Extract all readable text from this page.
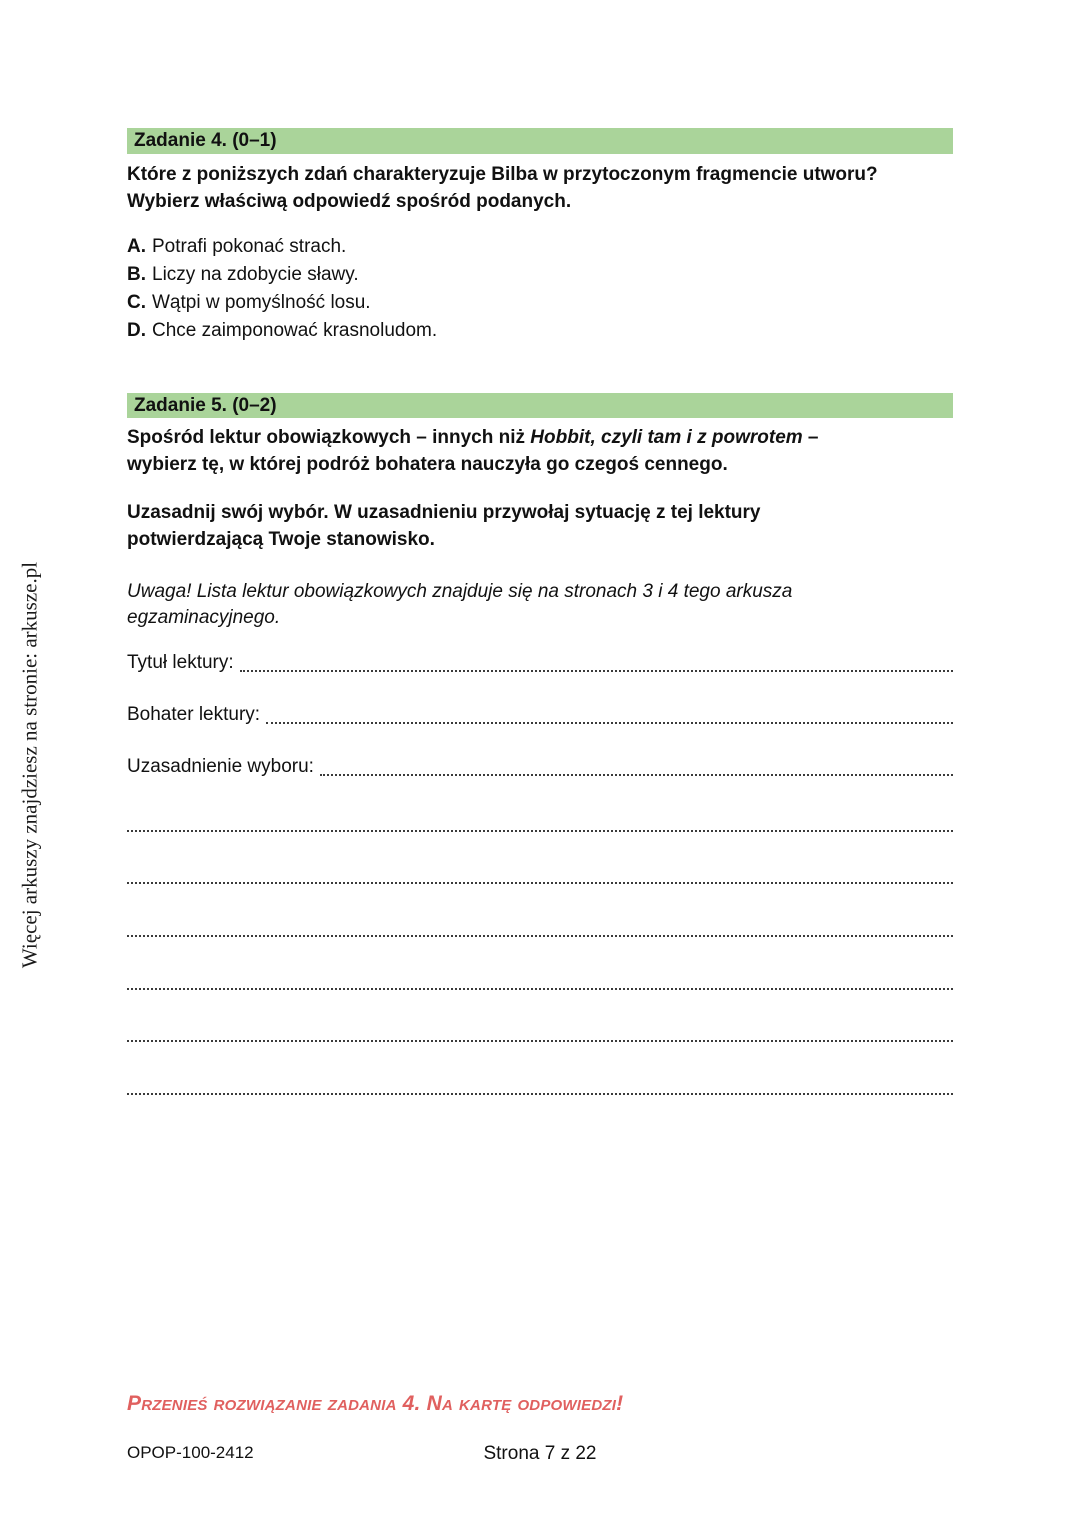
Więcej arkuszy znajdziesz na stronie: arkusze.pl
Zadanie 4. (0–1)
Które z poniższych zdań charakteryzuje Bilba w przytoczonym fragmencie utworu?
Wybierz właściwą odpowiedź spośród podanych.
A. Potrafi pokonać strach.
B. Liczy na zdobycie sławy.
C. Wątpi w pomyślność losu.
D. Chce zaimponować krasnoludom.
Zadanie 5. (0–2)
Spośród lektur obowiązkowych – innych niż Hobbit, czyli tam i z powrotem –
wybierz tę, w której podróż bohatera nauczyła go czegoś cennego.
Uzasadnij swój wybór. W uzasadnieniu przywołaj sytuację z tej lektury
potwierdzającą Twoje stanowisko.
Uwaga! Lista lektur obowiązkowych znajduje się na stronach 3 i 4 tego arkusza
egzaminacyjnego.
Tytuł lektury:
Bohater lektury:
Uzasadnienie wyboru:
Przenieś rozwiązanie zadania 4. Na kartę odpowiedzi!
OPOP-100-2412	Strona 7 z 22
